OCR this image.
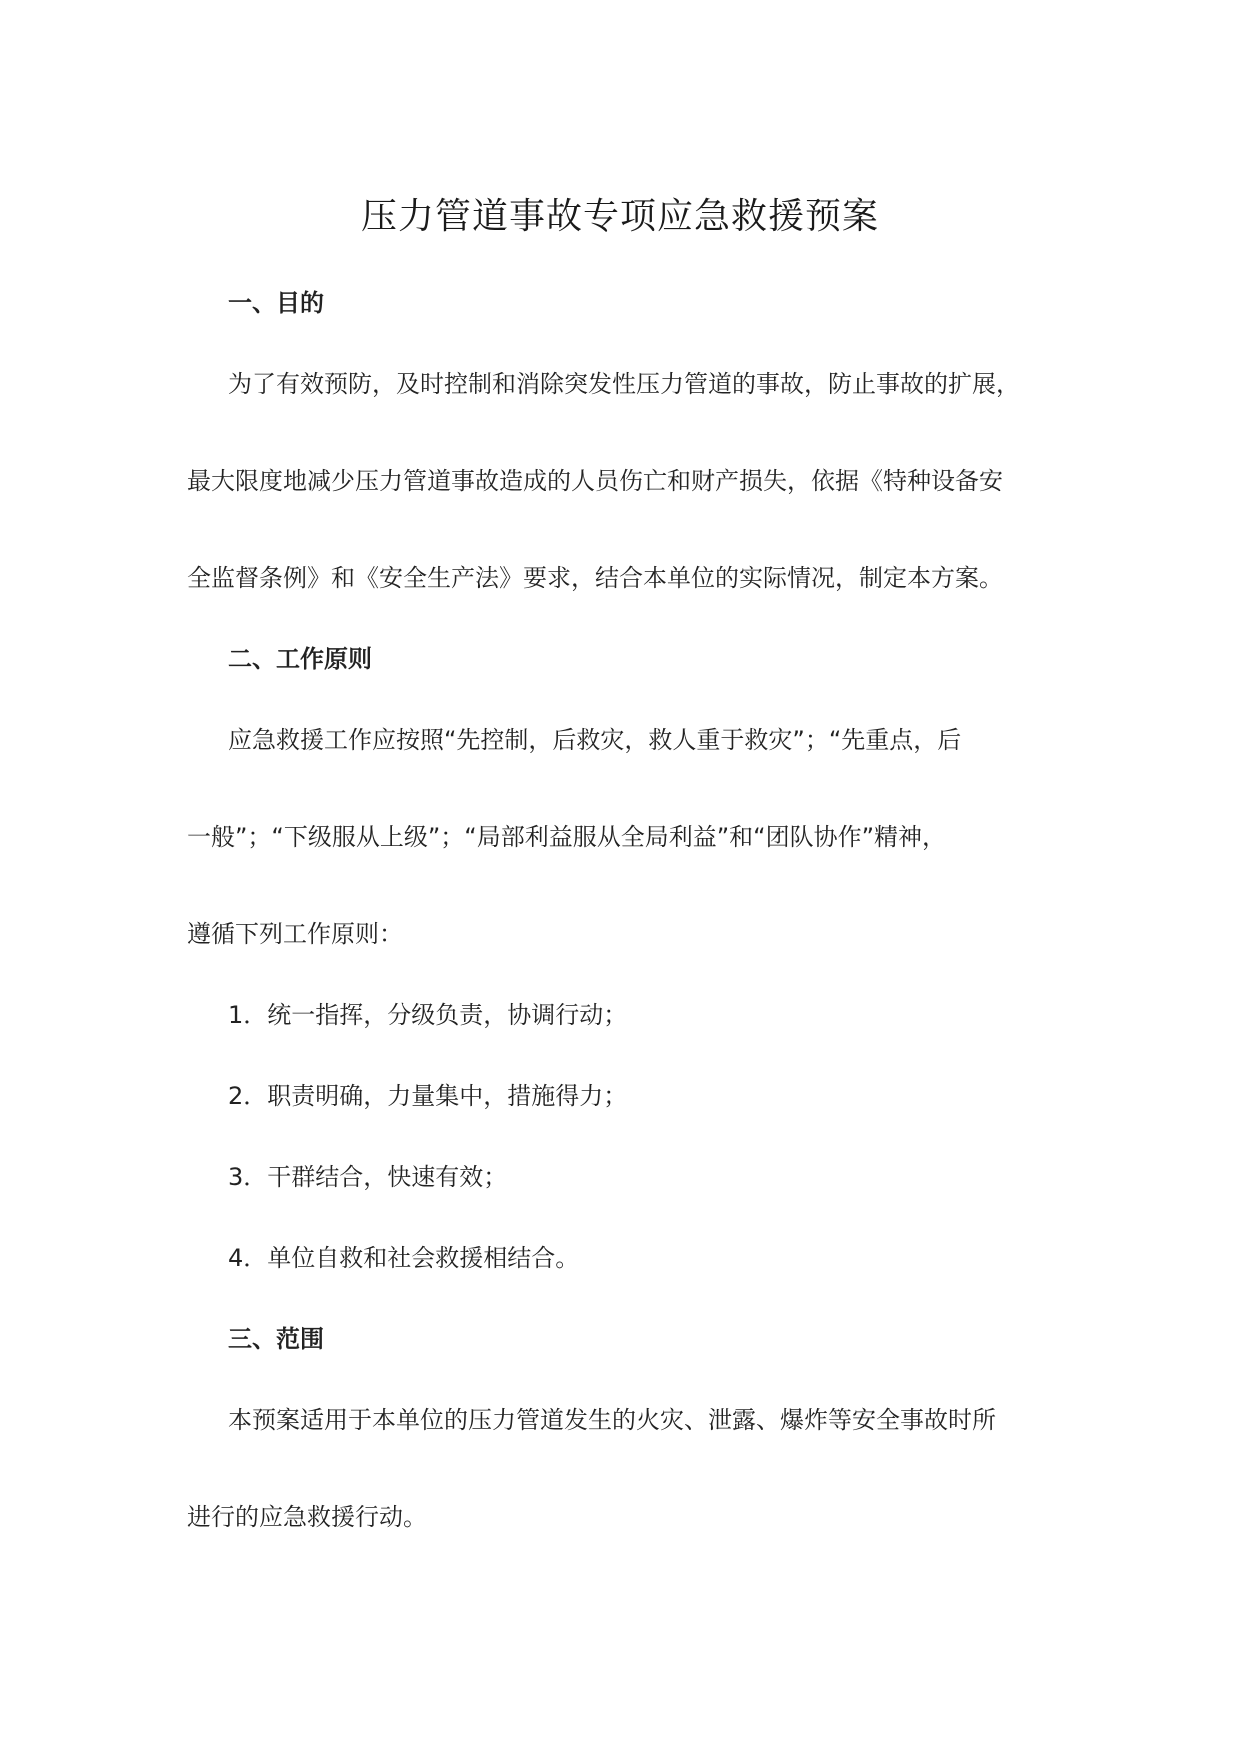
压力管道事故专项应急救援预案
一、目的
为了有效预防，及时控制和消除突发性压力管道的事故，防止事故的扩展，
最大限度地减少压力管道事故造成的人员伤亡和财产损失，依据《特种设备安
全监督条例》和《安全生产法》要求，结合本单位的实际情况，制定本方案。
二、工作原则
应急救援工作应按照“先控制，后救灾，救人重于救灾”；“先重点，后
一般”；“下级服从上级”；“局部利益服从全局利益”和“团队协作”精神，
遵循下列工作原则：
1．统一指挥，分级负责，协调行动；
2．职责明确，力量集中，措施得力；
3．干群结合，快速有效；
4．单位自救和社会救援相结合。
三、范围
本预案适用于本单位的压力管道发生的火灾、泄露、爆炸等安全事故时所
进行的应急救援行动。
